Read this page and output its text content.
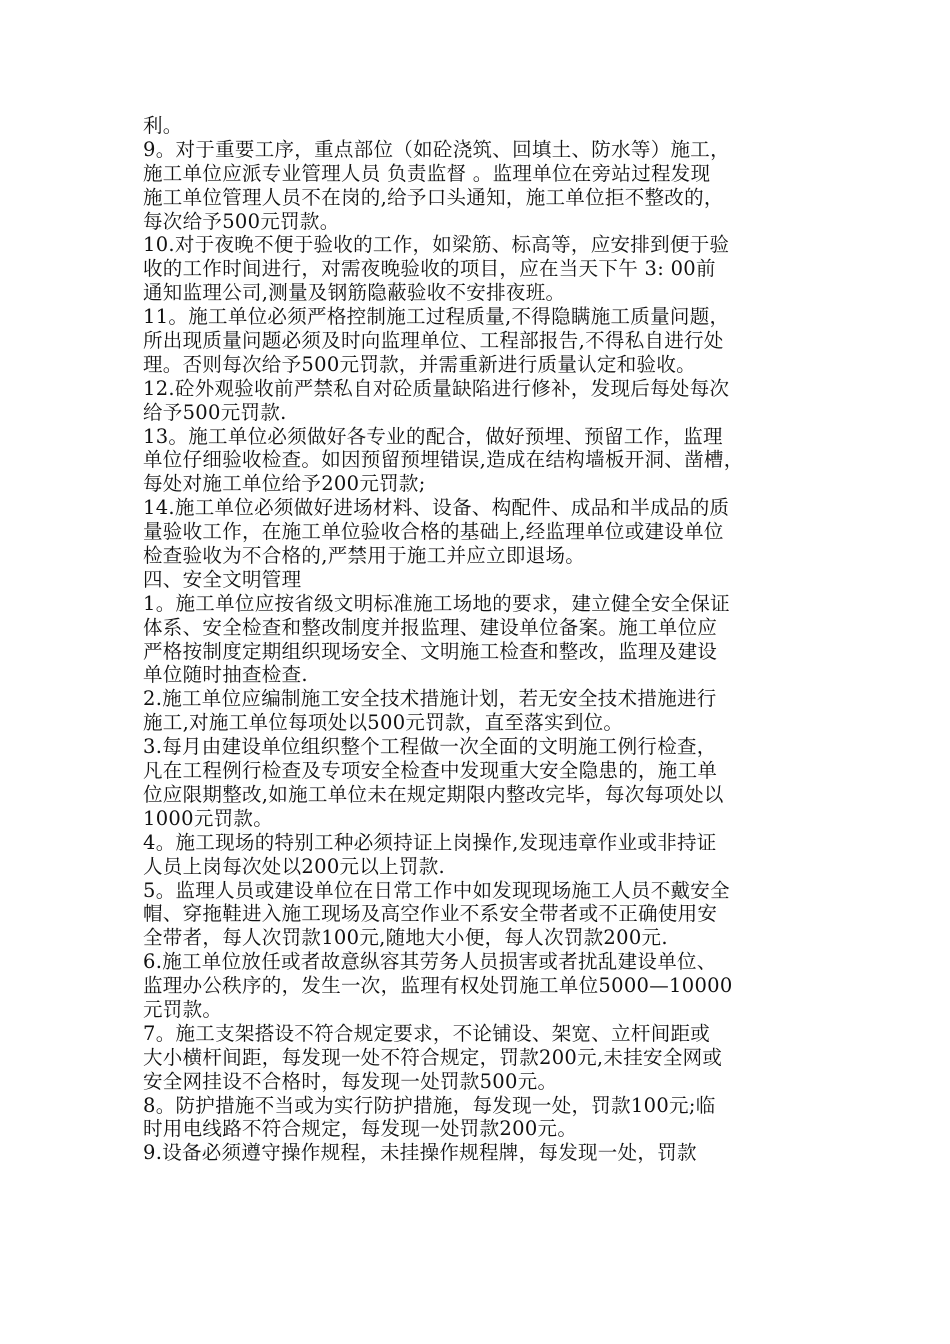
利。
9。对于重要工序，重点部位（如砼浇筑、回填土、防水等）施工，
施工单位应派专业管理人员 负责监督 。监理单位在旁站过程发现
施工单位管理人员不在岗的,给予口头通知，施工单位拒不整改的，
每次给予500元罚款。
10.对于夜晚不便于验收的工作，如梁筋、标高等，应安排到便于验
收的工作时间进行，对需夜晚验收的项目，应在当天下午 3: 00前
通知监理公司,测量及钢筋隐蔽验收不安排夜班。
11。施工单位必须严格控制施工过程质量,不得隐瞒施工质量问题，
所出现质量问题必须及时向监理单位、工程部报告,不得私自进行处
理。否则每次给予500元罚款，并需重新进行质量认定和验收。
12.砼外观验收前严禁私自对砼质量缺陷进行修补，发现后每处每次
给予500元罚款.
13。施工单位必须做好各专业的配合，做好预埋、预留工作，监理
单位仔细验收检查。如因预留预埋错误,造成在结构墙板开洞、凿槽，
每处对施工单位给予200元罚款;
14.施工单位必须做好进场材料、设备、构配件、成品和半成品的质
量验收工作，在施工单位验收合格的基础上,经监理单位或建设单位
检查验收为不合格的,严禁用于施工并应立即退场。
四、安全文明管理
1。施工单位应按省级文明标准施工场地的要求，建立健全安全保证
体系、安全检查和整改制度并报监理、建设单位备案。施工单位应
严格按制度定期组织现场安全、文明施工检查和整改，监理及建设
单位随时抽查检查.
2.施工单位应编制施工安全技术措施计划，若无安全技术措施进行
施工,对施工单位每项处以500元罚款，直至落实到位。
3.每月由建设单位组织整个工程做一次全面的文明施工例行检查，
凡在工程例行检查及专项安全检查中发现重大安全隐患的，施工单
位应限期整改,如施工单位未在规定期限内整改完毕，每次每项处以
1000元罚款。
4。施工现场的特别工种必须持证上岗操作,发现违章作业或非持证
人员上岗每次处以200元以上罚款.
5。监理人员或建设单位在日常工作中如发现现场施工人员不戴安全
帽、穿拖鞋进入施工现场及高空作业不系安全带者或不正确使用安
全带者，每人次罚款100元,随地大小便，每人次罚款200元.
6.施工单位放任或者故意纵容其劳务人员损害或者扰乱建设单位、
监理办公秩序的，发生一次，监理有权处罚施工单位5000—10000
元罚款。
7。施工支架搭设不符合规定要求，不论铺设、架宽、立杆间距或
大小横杆间距，每发现一处不符合规定，罚款200元,未挂安全网或
安全网挂设不合格时，每发现一处罚款500元。
8。防护措施不当或为实行防护措施，每发现一处，罚款100元;临
时用电线路不符合规定，每发现一处罚款200元。
9.设备必须遵守操作规程，未挂操作规程牌，每发现一处，罚款
